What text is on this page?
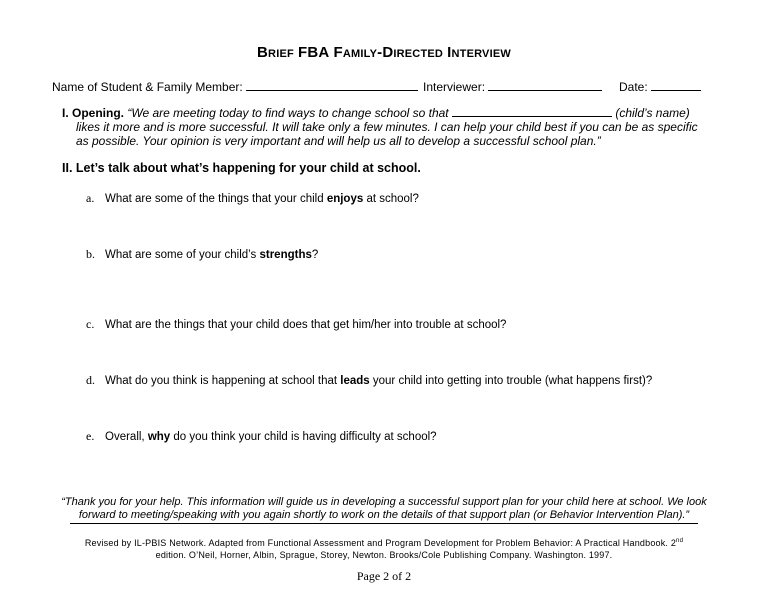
BRIEF FBA FAMILY-DIRECTED INTERVIEW
Name of Student & Family Member:	Interviewer:	Date:
I. Opening. “We are meeting today to find ways to change school so that	(child’s name)
likes it more and is more successful. It will take only a few minutes. I can help your child best if you can be as specific
as possible. Your opinion is very important and will help us all to develop a successful school plan.”
II. Let’s talk about what’s happening for your child at school.
a. What are some of the things that your child enjoys at school?
b. What are some of your child’s strengths?
c. What are the things that your child does that get him/her into trouble at school?
d. What do you think is happening at school that leads your child into getting into trouble (what happens first)?
e. Overall, why do you think your child is having difficulty at school?
“Thank you for your help. This information will guide us in developing a successful support plan for your child here at school. We look forward to meeting/speaking with you again shortly to work on the details of that support plan (or Behavior Intervention Plan).”
Revised by IL-PBIS Network. Adapted from Functional Assessment and Program Development for Problem Behavior: A Practical Handbook. 2nd
edition. O’Neil, Horner, Albin, Sprague, Storey, Newton. Brooks/Cole Publishing Company. Washington. 1997.
Page 2 of 2
